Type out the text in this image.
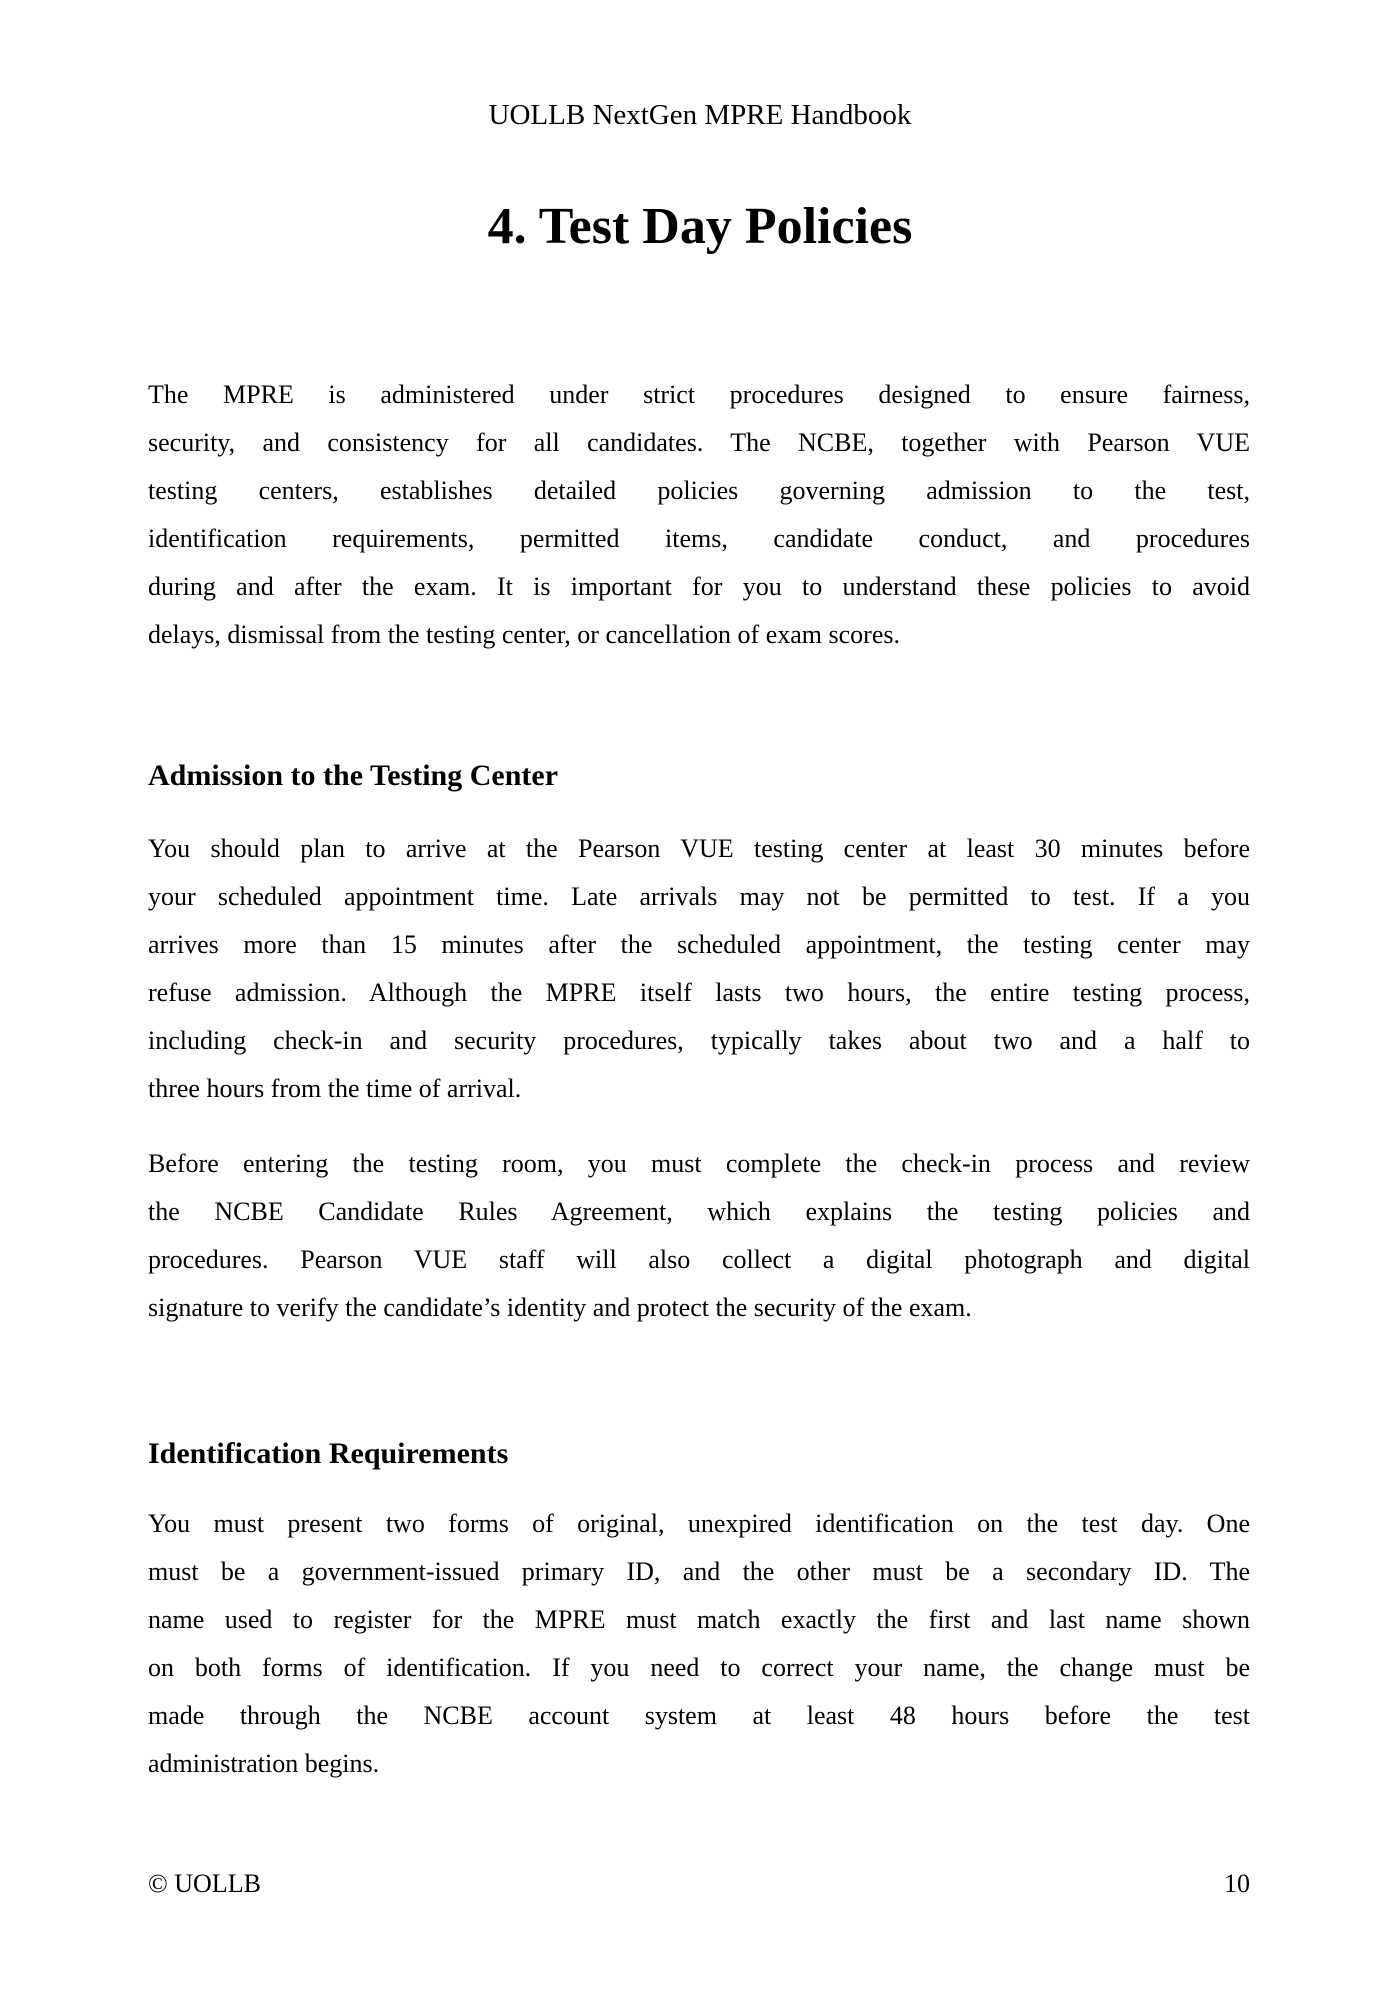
UOLLB NextGen MPRE Handbook
4. Test Day Policies
The MPRE is administered under strict procedures designed to ensure fairness,
security, and consistency for all candidates. The NCBE, together with Pearson VUE
testing centers, establishes detailed policies governing admission to the test,
identification requirements, permitted items, candidate conduct, and procedures
during and after the exam. It is important for you to understand these policies to avoid
delays, dismissal from the testing center, or cancellation of exam scores.
Admission to the Testing Center
You should plan to arrive at the Pearson VUE testing center at least 30 minutes before
your scheduled appointment time. Late arrivals may not be permitted to test. If a you
arrives more than 15 minutes after the scheduled appointment, the testing center may
refuse admission. Although the MPRE itself lasts two hours, the entire testing process,
including check-in and security procedures, typically takes about two and a half to
three hours from the time of arrival.
Before entering the testing room, you must complete the check-in process and review
the NCBE Candidate Rules Agreement, which explains the testing policies and
procedures. Pearson VUE staff will also collect a digital photograph and digital
signature to verify the candidate’s identity and protect the security of the exam.
Identification Requirements
You must present two forms of original, unexpired identification on the test day. One
must be a government-issued primary ID, and the other must be a secondary ID. The
name used to register for the MPRE must match exactly the first and last name shown
on both forms of identification. If you need to correct your name, the change must be
made through the NCBE account system at least 48 hours before the test
administration begins.
© UOLLB	10
